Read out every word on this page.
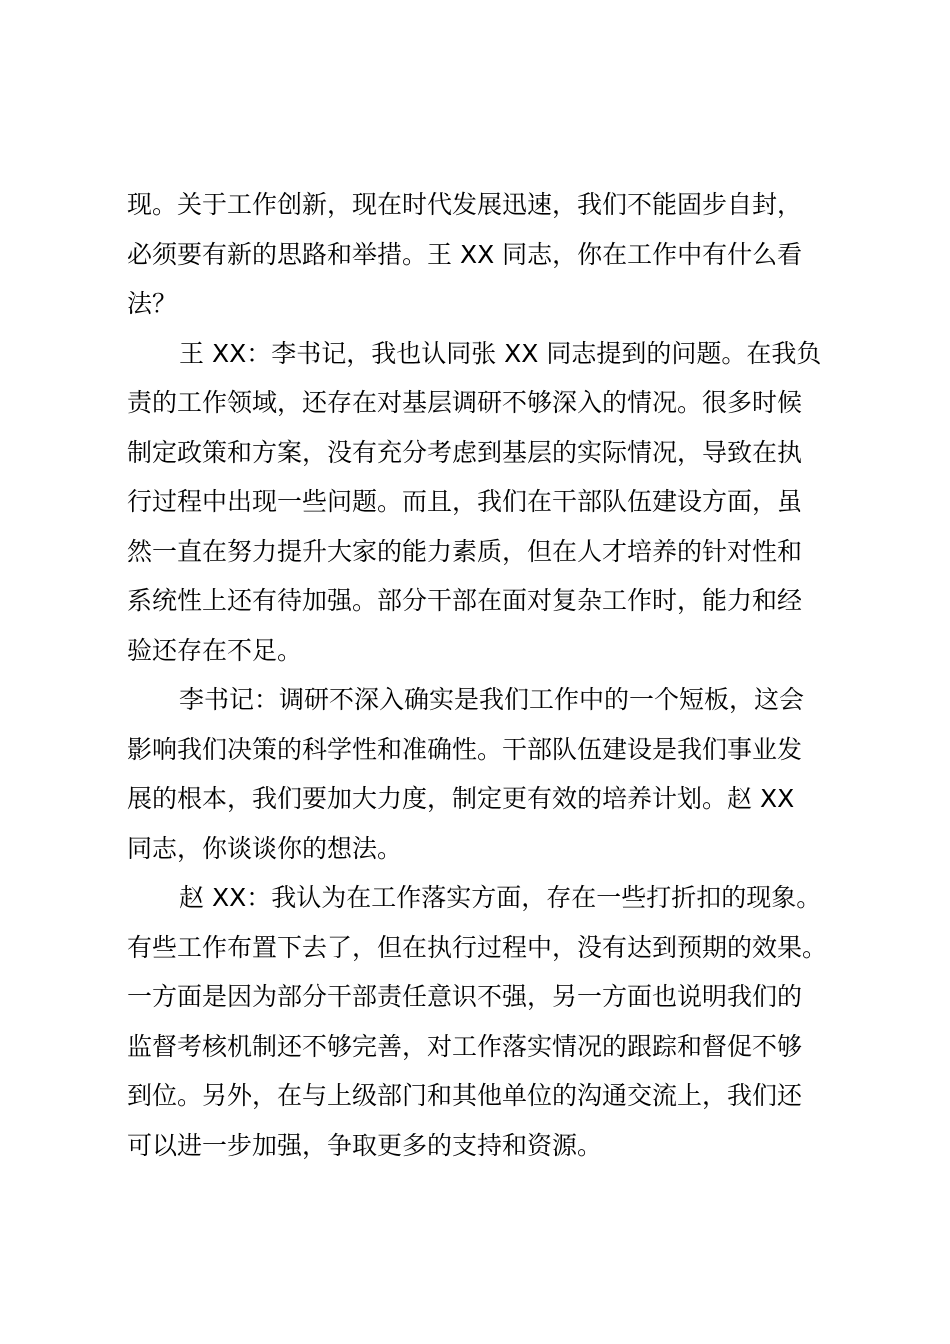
现。关于工作创新，现在时代发展迅速，我们不能固步自封，
必须要有新的思路和举措。王 XX 同志，你在工作中有什么看
法？
王 XX：李书记，我也认同张 XX 同志提到的问题。在我负
责的工作领域，还存在对基层调研不够深入的情况。很多时候
制定政策和方案，没有充分考虑到基层的实际情况，导致在执
行过程中出现一些问题。而且，我们在干部队伍建设方面，虽
然一直在努力提升大家的能力素质，但在人才培养的针对性和
系统性上还有待加强。部分干部在面对复杂工作时，能力和经
验还存在不足。
李书记：调研不深入确实是我们工作中的一个短板，这会
影响我们决策的科学性和准确性。干部队伍建设是我们事业发
展的根本，我们要加大力度，制定更有效的培养计划。赵 XX
同志，你谈谈你的想法。
赵 XX：我认为在工作落实方面，存在一些打折扣的现象。
有些工作布置下去了，但在执行过程中，没有达到预期的效果。
一方面是因为部分干部责任意识不强，另一方面也说明我们的
监督考核机制还不够完善，对工作落实情况的跟踪和督促不够
到位。另外，在与上级部门和其他单位的沟通交流上，我们还
可以进一步加强，争取更多的支持和资源。
